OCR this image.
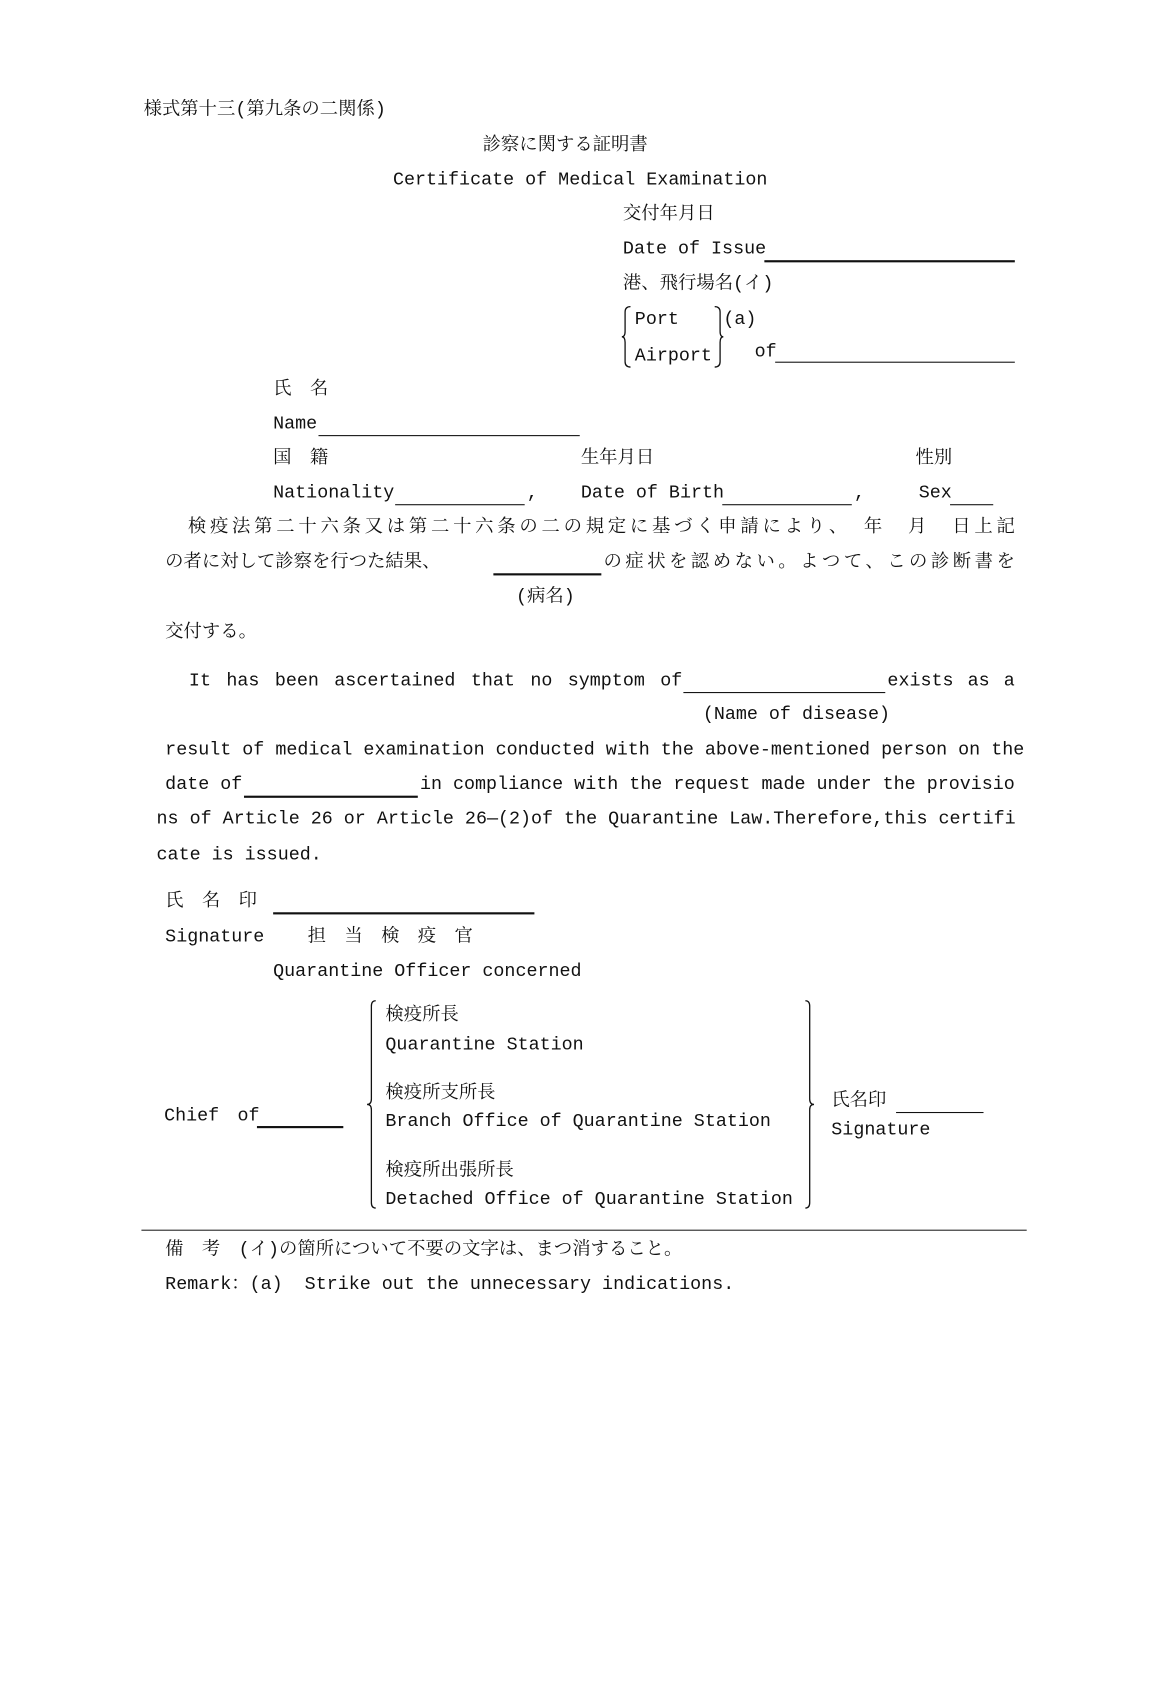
様式第十三(第九条の二関係)
診察に関する証明書
Certificate of Medical Examination
交付年月日
Date of Issue
港、飛行場名(イ)
Port
Airport
(a)
of
氏　名
Name
国　籍	生年月日	性別
Nationality	,	Date of Birth	,	Sex
検疫法第二十六条又は第二十六条の二の規定に基づく申請により、　年　月　日上記
の者に対して診察を行つた結果、	の症状を認めない。よつて、この診断書を
(病名)
交付する。
It has been ascertained that no symptom of	exists as a
(Name of disease)
result of medical examination conducted with the above-mentioned person on the
date of	in compliance with the request made under the provisio
ns of Article 26 or Article 26—(2)of the Quarantine Law.Therefore,this certifi
cate is issued.
氏　名　印
Signature	担　当　検　疫　官
Quarantine Officer concerned
Chief　of
検疫所長
Quarantine Station
検疫所支所長
Branch Office of Quarantine Station
検疫所出張所長
Detached Office of Quarantine Station
氏名印
Signature
備　考　(イ)の箇所について不要の文字は、まつ消すること。
Remark：(a)  Strike out the unnecessary indications.
